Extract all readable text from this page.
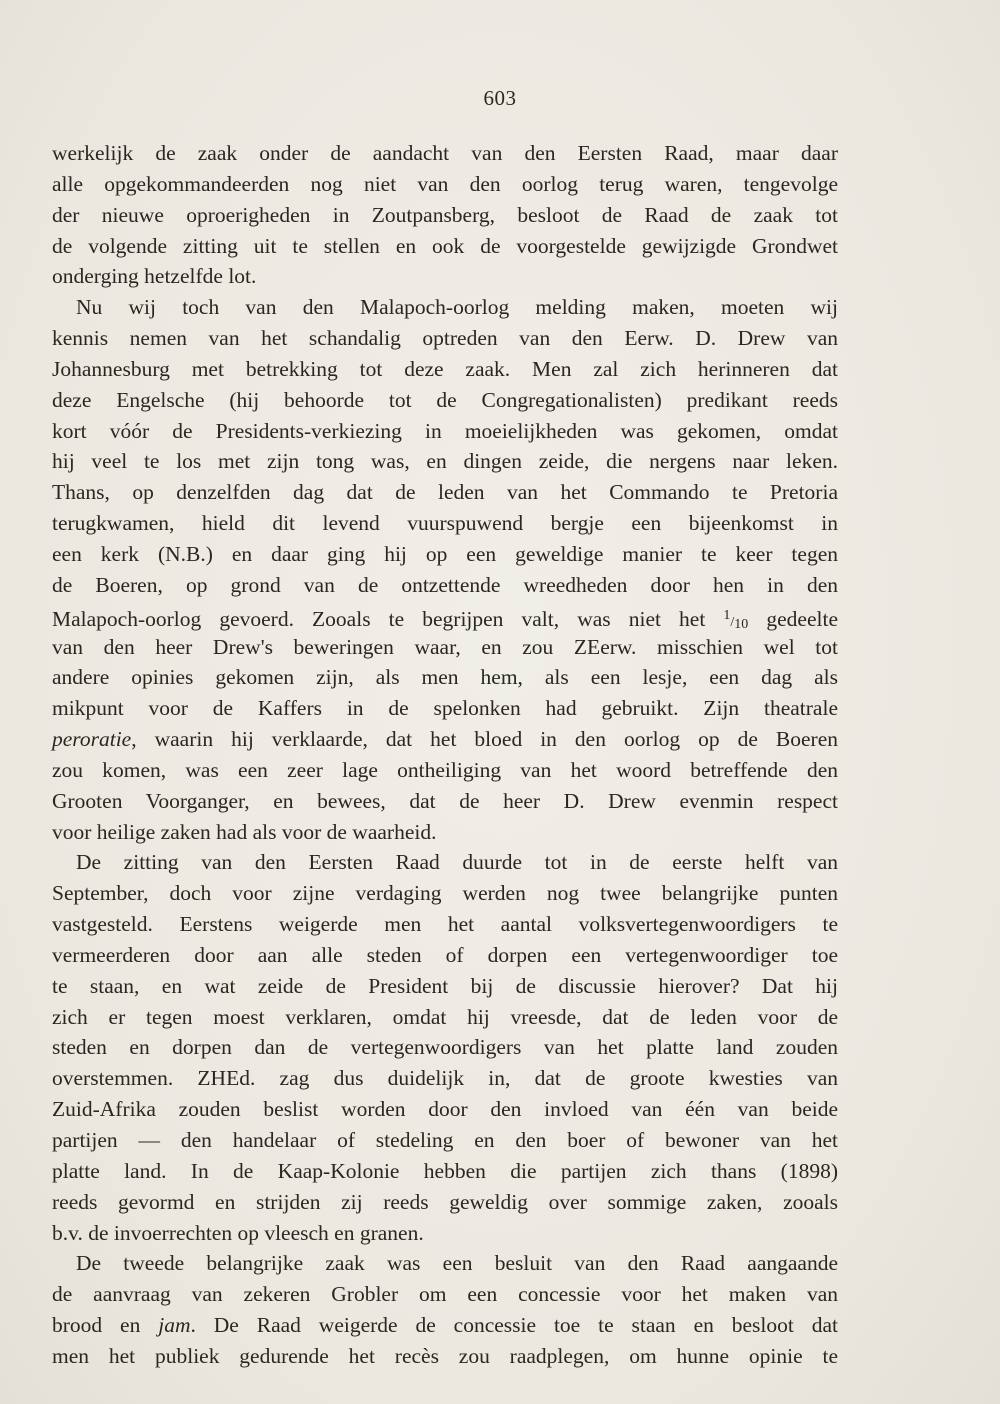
603
werkelijk de zaak onder de aandacht van den Eersten Raad, maar daar
alle opgekommandeerden nog niet van den oorlog terug waren, tengevolge
der nieuwe oproerigheden in Zoutpansberg, besloot de Raad de zaak tot
de volgende zitting uit te stellen en ook de voorgestelde gewijzigde Grondwet
onderging hetzelfde lot.
Nu wij toch van den Malapoch-oorlog melding maken, moeten wij
kennis nemen van het schandalig optreden van den Eerw. D. Drew van
Johannesburg met betrekking tot deze zaak. Men zal zich herinneren dat
deze Engelsche (hij behoorde tot de Congregationalisten) predikant reeds
kort vóór de Presidents-verkiezing in moeielijkheden was gekomen, omdat
hij veel te los met zijn tong was, en dingen zeide, die nergens naar leken.
Thans, op denzelfden dag dat de leden van het Commando te Pretoria
terugkwamen, hield dit levend vuurspuwend bergje een bijeenkomst in
een kerk (N.B.) en daar ging hij op een geweldige manier te keer tegen
de Boeren, op grond van de ontzettende wreedheden door hen in den
Malapoch-oorlog gevoerd. Zooals te begrijpen valt, was niet het 1/10 gedeelte
van den heer Drew's beweringen waar, en zou ZEerw. misschien wel tot
andere opinies gekomen zijn, als men hem, als een lesje, een dag als
mikpunt voor de Kaffers in de spelonken had gebruikt. Zijn theatrale
peroratie, waarin hij verklaarde, dat het bloed in den oorlog op de Boeren
zou komen, was een zeer lage ontheiliging van het woord betreffende den
Grooten Voorganger, en bewees, dat de heer D. Drew evenmin respect
voor heilige zaken had als voor de waarheid.
De zitting van den Eersten Raad duurde tot in de eerste helft van
September, doch voor zijne verdaging werden nog twee belangrijke punten
vastgesteld. Eerstens weigerde men het aantal volksvertegenwoordigers te
vermeerderen door aan alle steden of dorpen een vertegenwoordiger toe
te staan, en wat zeide de President bij de discussie hierover? Dat hij
zich er tegen moest verklaren, omdat hij vreesde, dat de leden voor de
steden en dorpen dan de vertegenwoordigers van het platte land zouden
overstemmen. ZHEd. zag dus duidelijk in, dat de groote kwesties van
Zuid-Afrika zouden beslist worden door den invloed van één van beide
partijen — den handelaar of stedeling en den boer of bewoner van het
platte land. In de Kaap-Kolonie hebben die partijen zich thans (1898)
reeds gevormd en strijden zij reeds geweldig over sommige zaken, zooals
b.v. de invoerrechten op vleesch en granen.
De tweede belangrijke zaak was een besluit van den Raad aangaande
de aanvraag van zekeren Grobler om een concessie voor het maken van
brood en jam. De Raad weigerde de concessie toe te staan en besloot dat
men het publiek gedurende het recès zou raadplegen, om hunne opinie te
